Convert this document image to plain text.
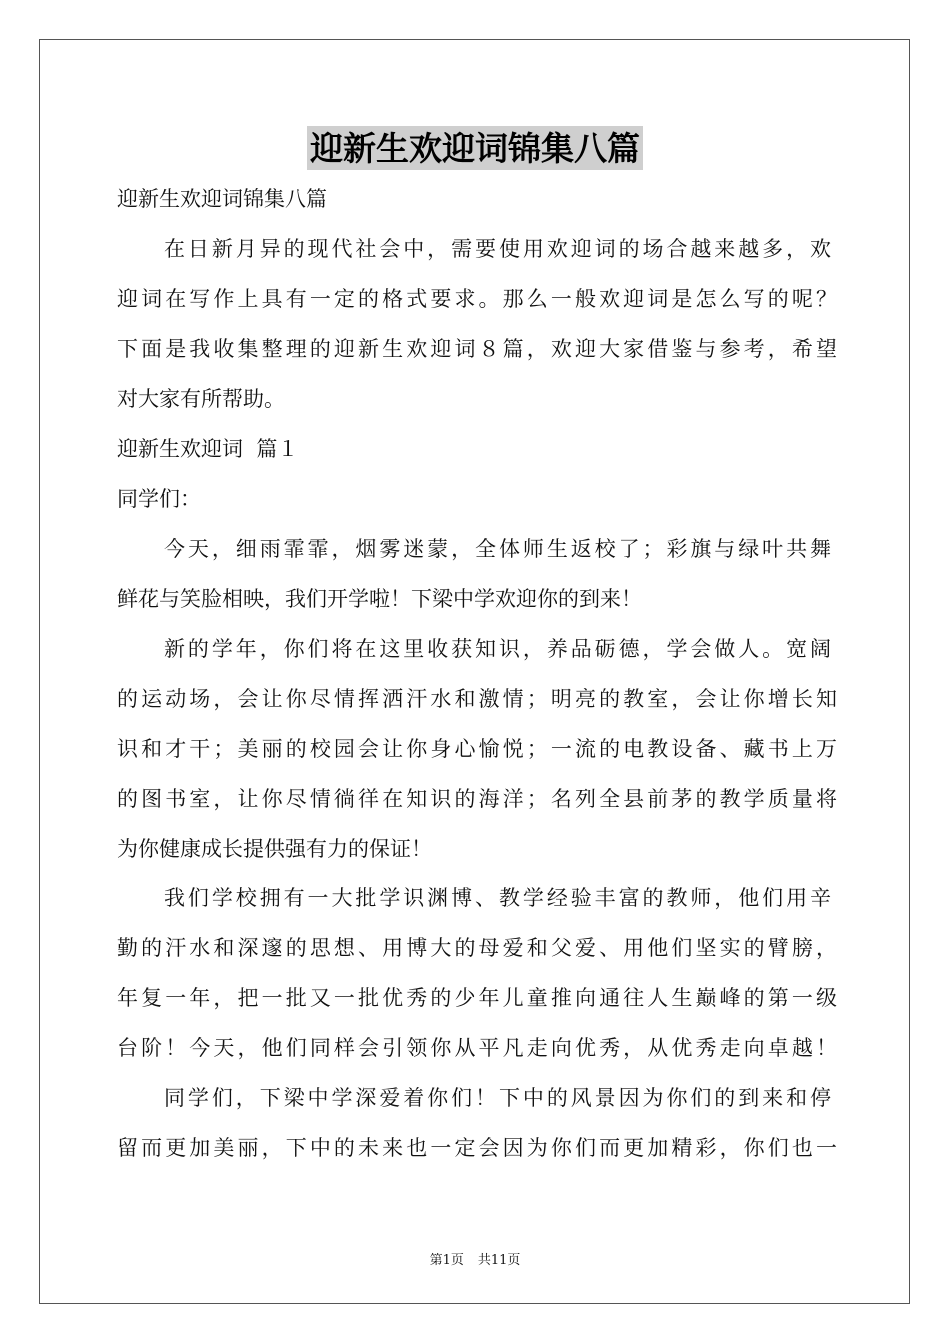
迎新生欢迎词锦集八篇
迎新生欢迎词锦集八篇
在日新月异的现代社会中，需要使用欢迎词的场合越来越多，欢
迎词在写作上具有一定的格式要求。那么一般欢迎词是怎么写的呢？
下面是我收集整理的迎新生欢迎词８篇，欢迎大家借鉴与参考，希望
对大家有所帮助。
迎新生欢迎词  篇１
同学们：
今天，细雨霏霏，烟雾迷蒙，全体师生返校了；彩旗与绿叶共舞
鲜花与笑脸相映，我们开学啦！下梁中学欢迎你的到来！
新的学年，你们将在这里收获知识，养品砺德，学会做人。宽阔
的运动场，会让你尽情挥洒汗水和激情；明亮的教室，会让你增长知
识和才干；美丽的校园会让你身心愉悦；一流的电教设备、藏书上万
的图书室，让你尽情徜徉在知识的海洋；名列全县前茅的教学质量将
为你健康成长提供强有力的保证！
我们学校拥有一大批学识渊博、教学经验丰富的教师，他们用辛
勤的汗水和深邃的思想、用博大的母爱和父爱、用他们坚实的臂膀，
年复一年，把一批又一批优秀的少年儿童推向通往人生巅峰的第一级
台阶！今天，他们同样会引领你从平凡走向优秀，从优秀走向卓越！
同学们，下梁中学深爱着你们！下中的风景因为你们的到来和停
留而更加美丽，下中的未来也一定会因为你们而更加精彩，你们也一
第1页 共11页
